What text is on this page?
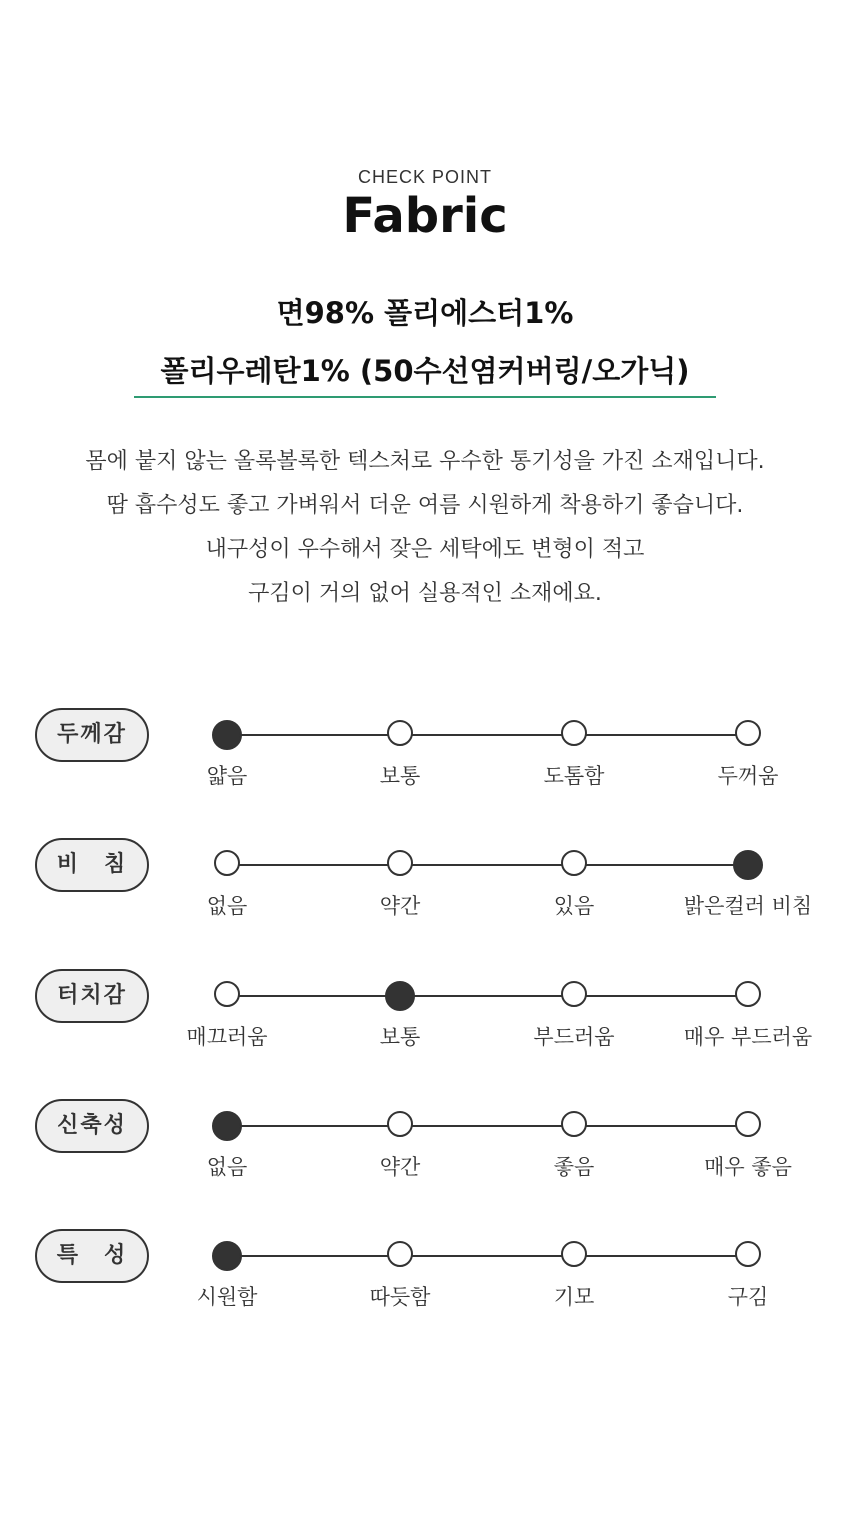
CHECK POINT

Fabric

면98% 폴리에스터1%
폴리우레탄1% (50수선염커버링/오가닉)
몸에 붙지 않는 올록볼록한 텍스처로 우수한 통기성을 가진 소재입니다.
땀 흡수성도 좋고 가벼워서 더운 여름 시원하게 착용하기 좋습니다.
내구성이 우수해서 잦은 세탁에도 변형이 적고
구김이 거의 없어 실용적인 소재에요.
두께감
얇음	보통	도톰함	두꺼움
비　침
없음	약간	있음	밝은컬러 비침
터치감
매끄러움	보통	부드러움	매우 부드러움
신축성
없음	약간	좋음	매우 좋음
특　성
시원함	따듯함	기모	구김
